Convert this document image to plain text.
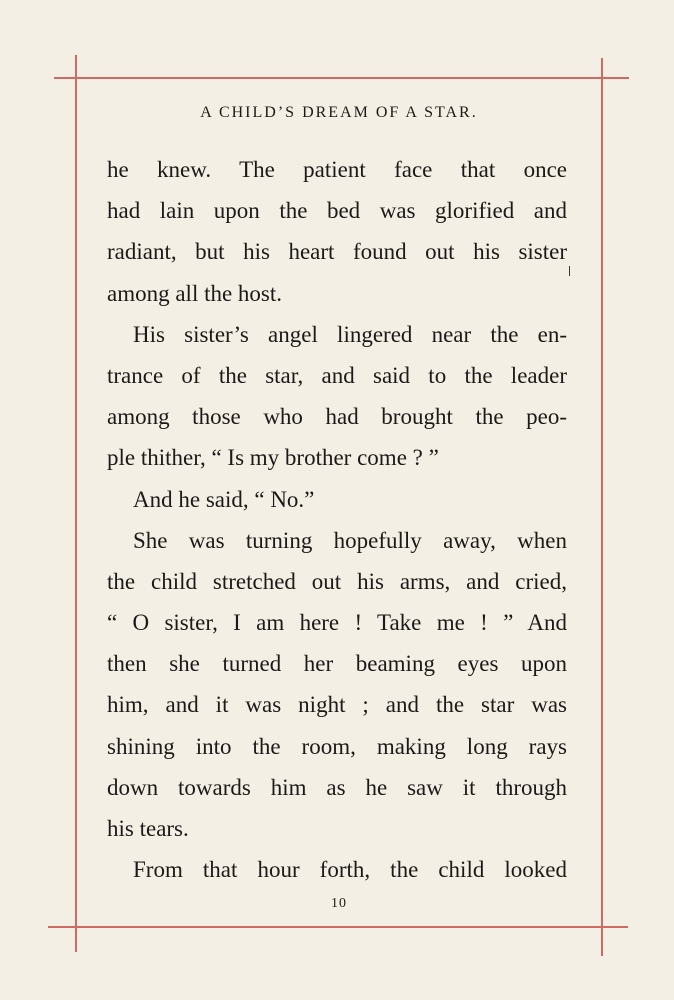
A CHILD’S DREAM OF A STAR.
he knew. The patient face that once
had lain upon the bed was glorified and
radiant, but his heart found out his sister
among all the host.
His sister’s angel lingered near the en-
trance of the star, and said to the leader
among those who had brought the peo-
ple thither, “ Is my brother come ? ”
And he said, “ No.”
She was turning hopefully away, when
the child stretched out his arms, and cried,
“ O sister, I am here ! Take me ! ” And
then she turned her beaming eyes upon
him, and it was night ; and the star was
shining into the room, making long rays
down towards him as he saw it through
his tears.
From that hour forth, the child looked
10
